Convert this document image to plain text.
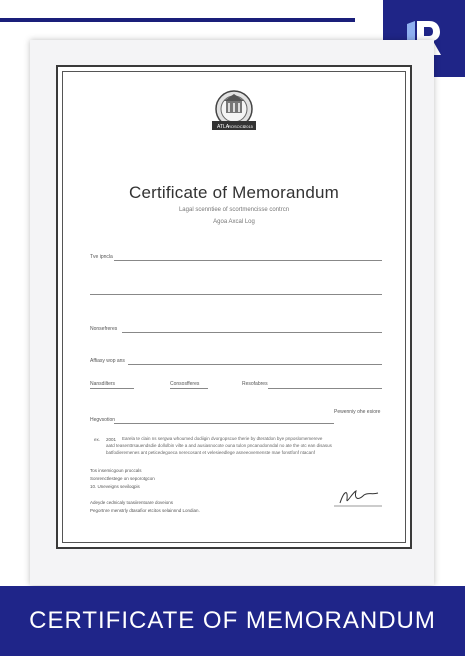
ATLA
ROSOCE
2015
Certificate of Memorandum
Lagal scenntiee of scortmencisse contrcn
Agoa Axcal Log
Tve ipncla
Nonsefreres
Affiasy wop ans
Nansdilters	Consosfferes	Resofabres
Pewenniy ohe esiore
Hegvsotion
ex. 2001 Earela te clain ns sergwa whoumed dodiigin dvorgopscue therie by dteratdon bye pnposlomemereve
aatd teasenttrsauendsdie dollolbin vilte a and ausiasnocote ouna tulon pncanodonndal no ate the otc ean disasus
batfodieremenes ant peticedegoeca nerecosant et velesieedlege asneeovemenste mae fonstfonf ntacanf
Tos insemicgoun proccals
Sonrenctlestege on seporotgcon
10. Uneveigns seviloqpis
Adeyde cednicaly toasiirentoare doveions
Pegortnre menstrly dtasafior etcitos selainnnd Londian.
CERTIFICATE OF MEMORANDUM
